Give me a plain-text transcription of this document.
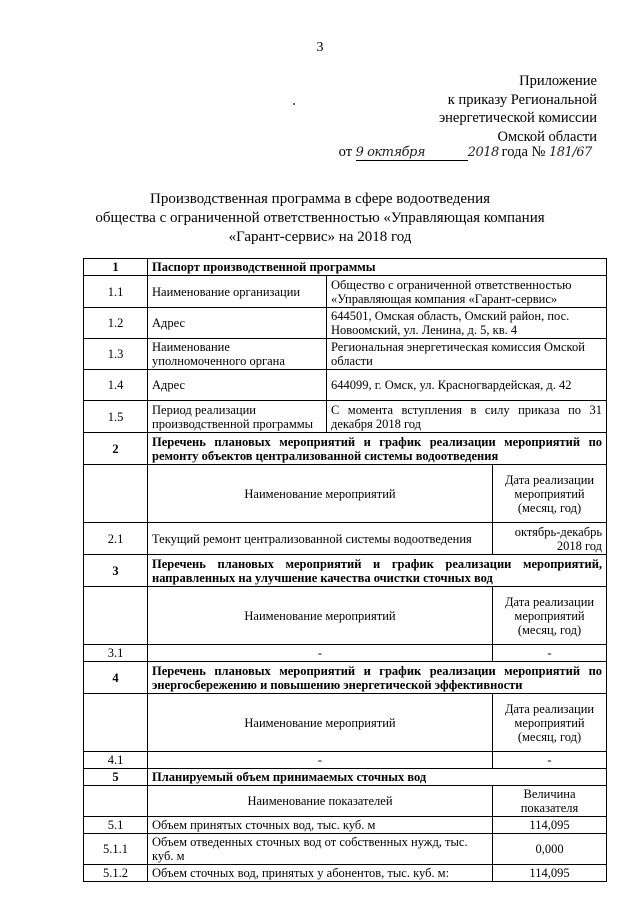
3
Приложение
к приказу Региональной
энергетической комиссии
Омской области
от 9 октября	2018 года № 181/67
Производственная программа в сфере водоотведения
общества с ограниченной ответственностью «Управляющая компания
«Гарант-сервис» на 2018 год
1	Паспорт производственной программы		
1.1	Наименование организации	Общество с ограниченной ответственностью «Управляющая компания «Гарант-сервис»	
1.2	Адрес	644501, Омская область, Омский район, пос. Новоомский, ул. Ленина, д. 5, кв. 4	
1.3	Наименование уполномоченного органа	Региональная энергетическая комиссия Омской области	
1.4	Адрес	644099, г. Омск, ул. Красногвардейская, д. 42	
1.5	Период реализации производственной программы	С момента вступления в силу приказа по 31 декабря 2018 год	
2	Перечень плановых мероприятий и график реализации мероприятий по ремонту объектов централизованной системы водоотведения		
	Наименование мероприятий		Дата реализации мероприятий (месяц, год)
2.1	Текущий ремонт централизованной системы водоотведения		октябрь-декабрь 2018 год
3	Перечень плановых мероприятий и график реализации мероприятий, направленных на улучшение качества очистки сточных вод		
	Наименование мероприятий		Дата реализации мероприятий (месяц, год)
3.1	-		-
4	Перечень плановых мероприятий и график реализации мероприятий по энергосбережению и повышению энергетической эффективности		
	Наименование мероприятий		Дата реализации мероприятий (месяц, год)
4.1	-		-
5	Планируемый объем принимаемых сточных вод		
	Наименование показателей		Величина показателя
5.1	Объем принятых сточных вод, тыс. куб. м		114,095
5.1.1	Объем отведенных сточных вод от собственных нужд, тыс. куб. м		0,000
5.1.2	Объем сточных вод, принятых у абонентов, тыс. куб. м:		114,095
